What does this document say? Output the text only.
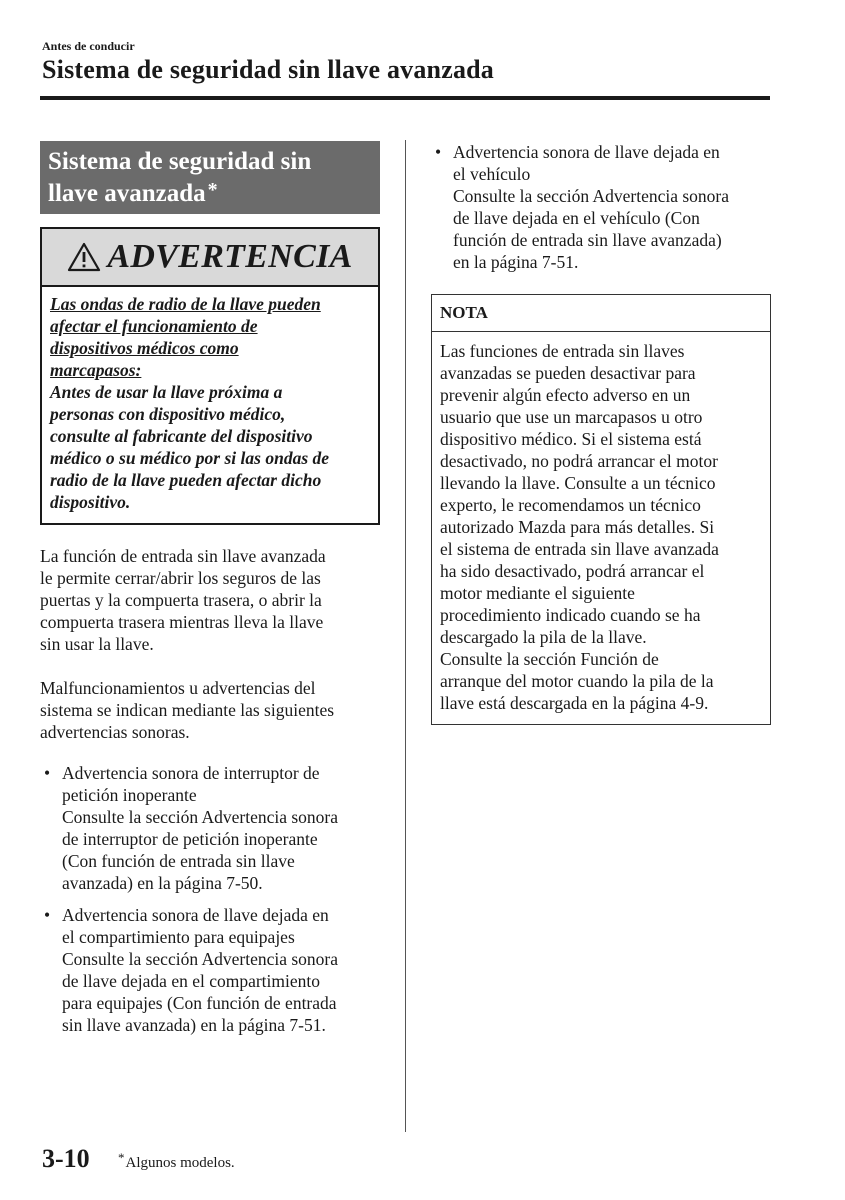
Antes de conducir
Sistema de seguridad sin llave avanzada
Sistema de seguridad sin
llave avanzada *
ADVERTENCIA
Las ondas de radio de la llave pueden
afectar el funcionamiento de
dispositivos médicos como
marcapasos:
Antes de usar la llave próxima a
personas con dispositivo médico,
consulte al fabricante del dispositivo
médico o su médico por si las ondas de
radio de la llave pueden afectar dicho
dispositivo.

La función de entrada sin llave avanzada
le permite cerrar/abrir los seguros de las
puertas y la compuerta trasera, o abrir la
compuerta trasera mientras lleva la llave
sin usar la llave.

Malfuncionamientos u advertencias del
sistema se indican mediante las siguientes
advertencias sonoras.

• Advertencia sonora de interruptor de
petición inoperante
Consulte la sección Advertencia sonora
de interruptor de petición inoperante
(Con función de entrada sin llave
avanzada) en la página 7-50.
• Advertencia sonora de llave dejada en
el compartimiento para equipajes
Consulte la sección Advertencia sonora
de llave dejada en el compartimiento
para equipajes (Con función de entrada
sin llave avanzada) en la página 7-51.
• Advertencia sonora de llave dejada en
el vehículo
Consulte la sección Advertencia sonora
de llave dejada en el vehículo (Con
función de entrada sin llave avanzada)
en la página 7-51.
NOTA
Las funciones de entrada sin llaves
avanzadas se pueden desactivar para
prevenir algún efecto adverso en un
usuario que use un marcapasos u otro
dispositivo médico. Si el sistema está
desactivado, no podrá arrancar el motor
llevando la llave. Consulte a un técnico
experto, le recomendamos un técnico
autorizado Mazda para más detalles. Si
el sistema de entrada sin llave avanzada
ha sido desactivado, podrá arrancar el
motor mediante el siguiente
procedimiento indicado cuando se ha
descargado la pila de la llave.
Consulte la sección Función de
arranque del motor cuando la pila de la
llave está descargada en la página 4-9.
3-10 *Algunos modelos.
